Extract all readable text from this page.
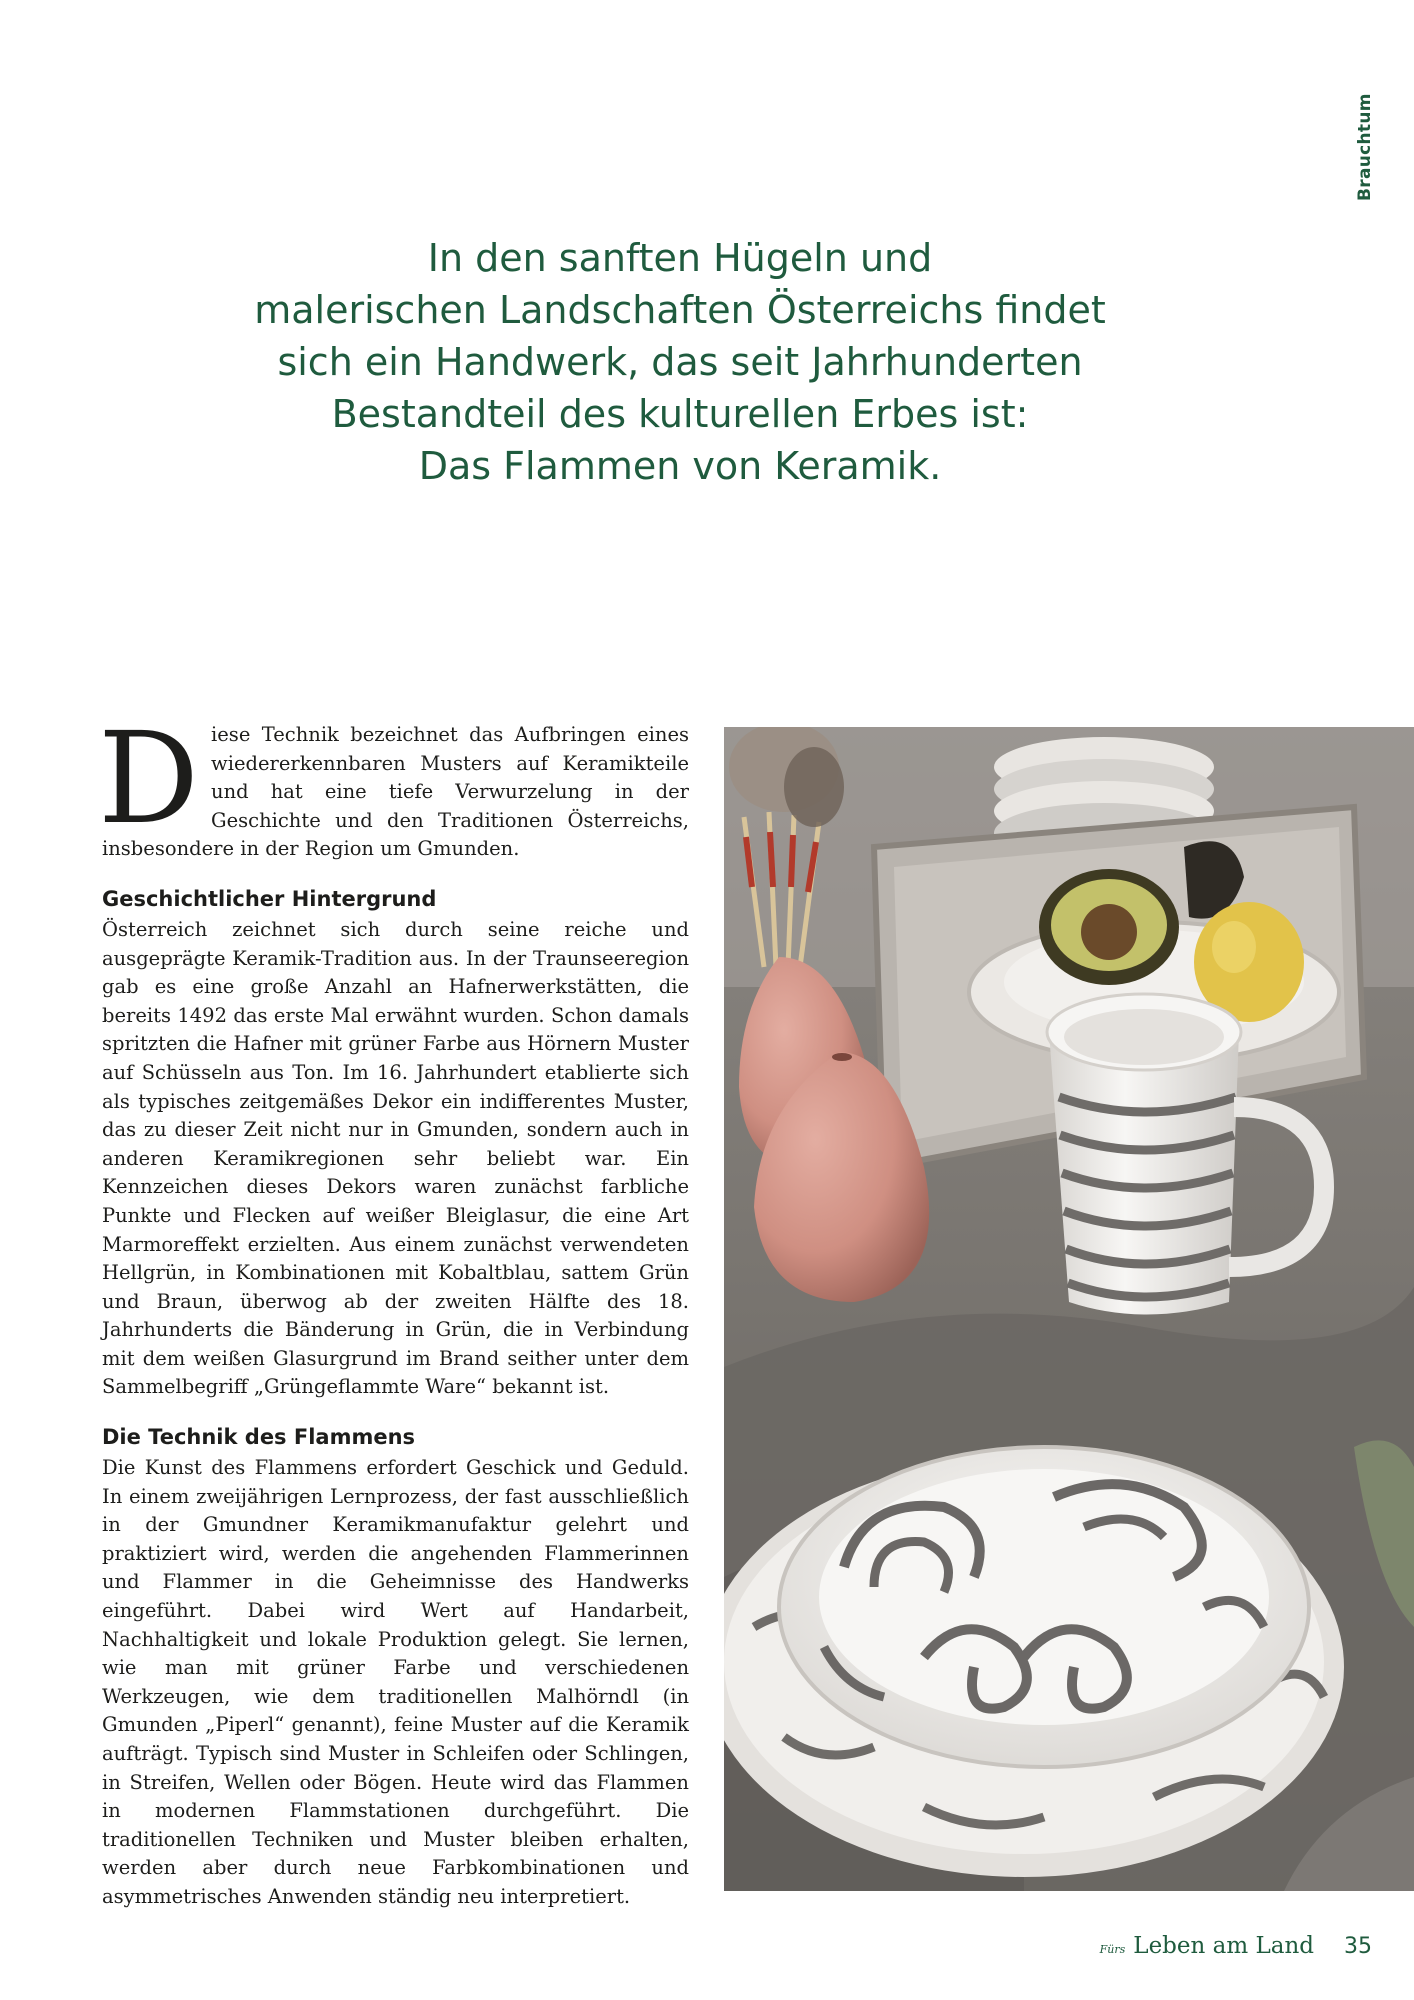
Brauchtum
In den sanften Hügeln und
malerischen Landschaften Österreichs findet
sich ein Handwerk, das seit Jahrhunderten
Bestandteil des kulturellen Erbes ist:
Das Flammen von Keramik.

Diese Technik bezeichnet das Aufbringen eines wiedererkennbaren Musters auf Keramikteile und hat eine tiefe Verwurzelung in der Geschichte und den Traditionen Österreichs, insbesondere in der Region um Gmunden.

Geschichtlicher Hintergrund

Österreich zeichnet sich durch seine reiche und ausgeprägte Keramik-Tradition aus. In der Traunseeregion gab es eine große Anzahl an Hafnerwerkstätten, die bereits 1492 das erste Mal erwähnt wurden. Schon damals spritzten die Hafner mit grüner Farbe aus Hörnern Muster auf Schüsseln aus Ton. Im 16. Jahrhundert etablierte sich als typisches zeitgemäßes Dekor ein indifferentes Muster, das zu dieser Zeit nicht nur in Gmunden, sondern auch in anderen Keramikregionen sehr beliebt war. Ein Kennzeichen dieses Dekors waren zunächst farbliche Punkte und Flecken auf weißer Bleiglasur, die eine Art Marmoreffekt erzielten. Aus einem zunächst verwendeten Hellgrün, in Kombinationen mit Kobaltblau, sattem Grün und Braun, überwog ab der zweiten Hälfte des 18. Jahrhunderts die Bänderung in Grün, die in Verbindung mit dem weißen Glasurgrund im Brand seither unter dem Sammelbegriff „Grüngeflammte Ware“ bekannt ist.

Die Technik des Flammens

Die Kunst des Flammens erfordert Geschick und Geduld. In einem zweijährigen Lernprozess, der fast ausschließlich in der Gmundner Keramikmanufaktur gelehrt und praktiziert wird, werden die angehenden Flammerinnen und Flammer in die Geheimnisse des Handwerks eingeführt. Dabei wird Wert auf Handarbeit, Nachhaltigkeit und lokale Produktion gelegt. Sie lernen, wie man mit grüner Farbe und verschiedenen Werkzeugen, wie dem traditionellen Malhörndl (in Gmunden „Piperl“ genannt), feine Muster auf die Keramik aufträgt. Typisch sind Muster in Schleifen oder Schlingen, in Streifen, Wellen oder Bögen. Heute wird das Flammen in modernen Flammstationen durchgeführt. Die traditionellen Techniken und Muster bleiben erhalten, werden aber durch neue Farbkombinationen und asymmetrisches Anwenden ständig neu interpretiert.

Fürs Leben am Land 35
